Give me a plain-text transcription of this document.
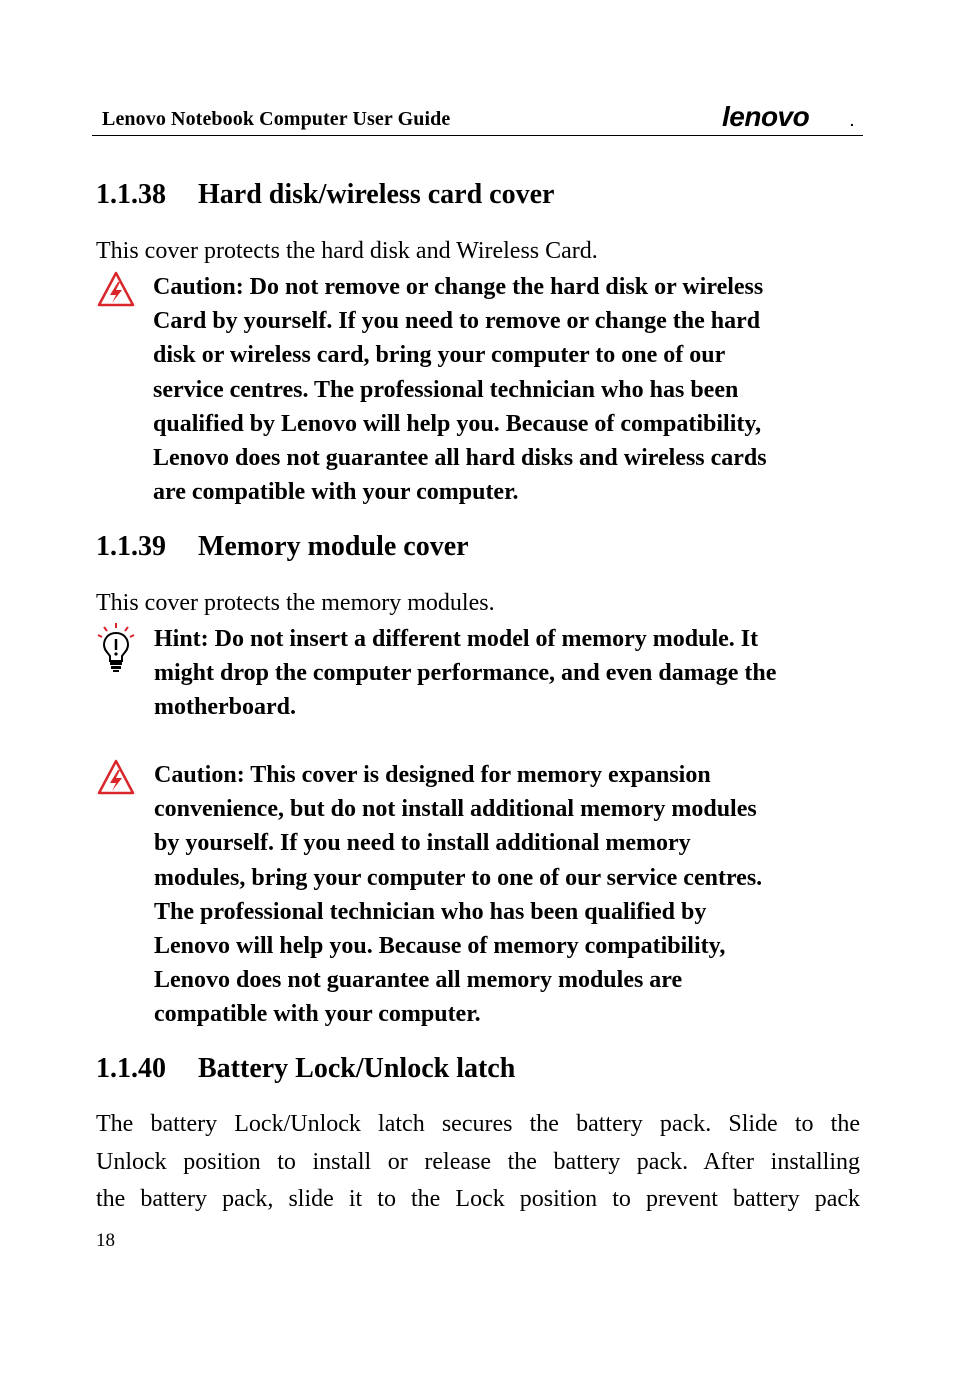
Lenovo Notebook Computer User Guide	lenovo	.
1.1.38 Hard disk/wireless card cover
This cover protects the hard disk and Wireless Card.
Caution: Do not remove or change the hard disk or wireless
Card by yourself. If you need to remove or change the hard
disk or wireless card, bring your computer to one of our
service centres. The professional technician who has been
qualified by Lenovo will help you. Because of compatibility,
Lenovo does not guarantee all hard disks and wireless cards
are compatible with your computer.
1.1.39 Memory module cover
This cover protects the memory modules.
Hint: Do not insert a different model of memory module. It
might drop the computer performance, and even damage the
motherboard.
Caution: This cover is designed for memory expansion
convenience, but do not install additional memory modules
by yourself. If you need to install additional memory
modules, bring your computer to one of our service centres.
The professional technician who has been qualified by
Lenovo will help you. Because of memory compatibility,
Lenovo does not guarantee all memory modules are
compatible with your computer.
1.1.40 Battery Lock/Unlock latch
The battery Lock/Unlock latch secures the battery pack. Slide to the
Unlock position to install or release the battery pack. After installing
the battery pack, slide it to the Lock position to prevent battery pack
18
